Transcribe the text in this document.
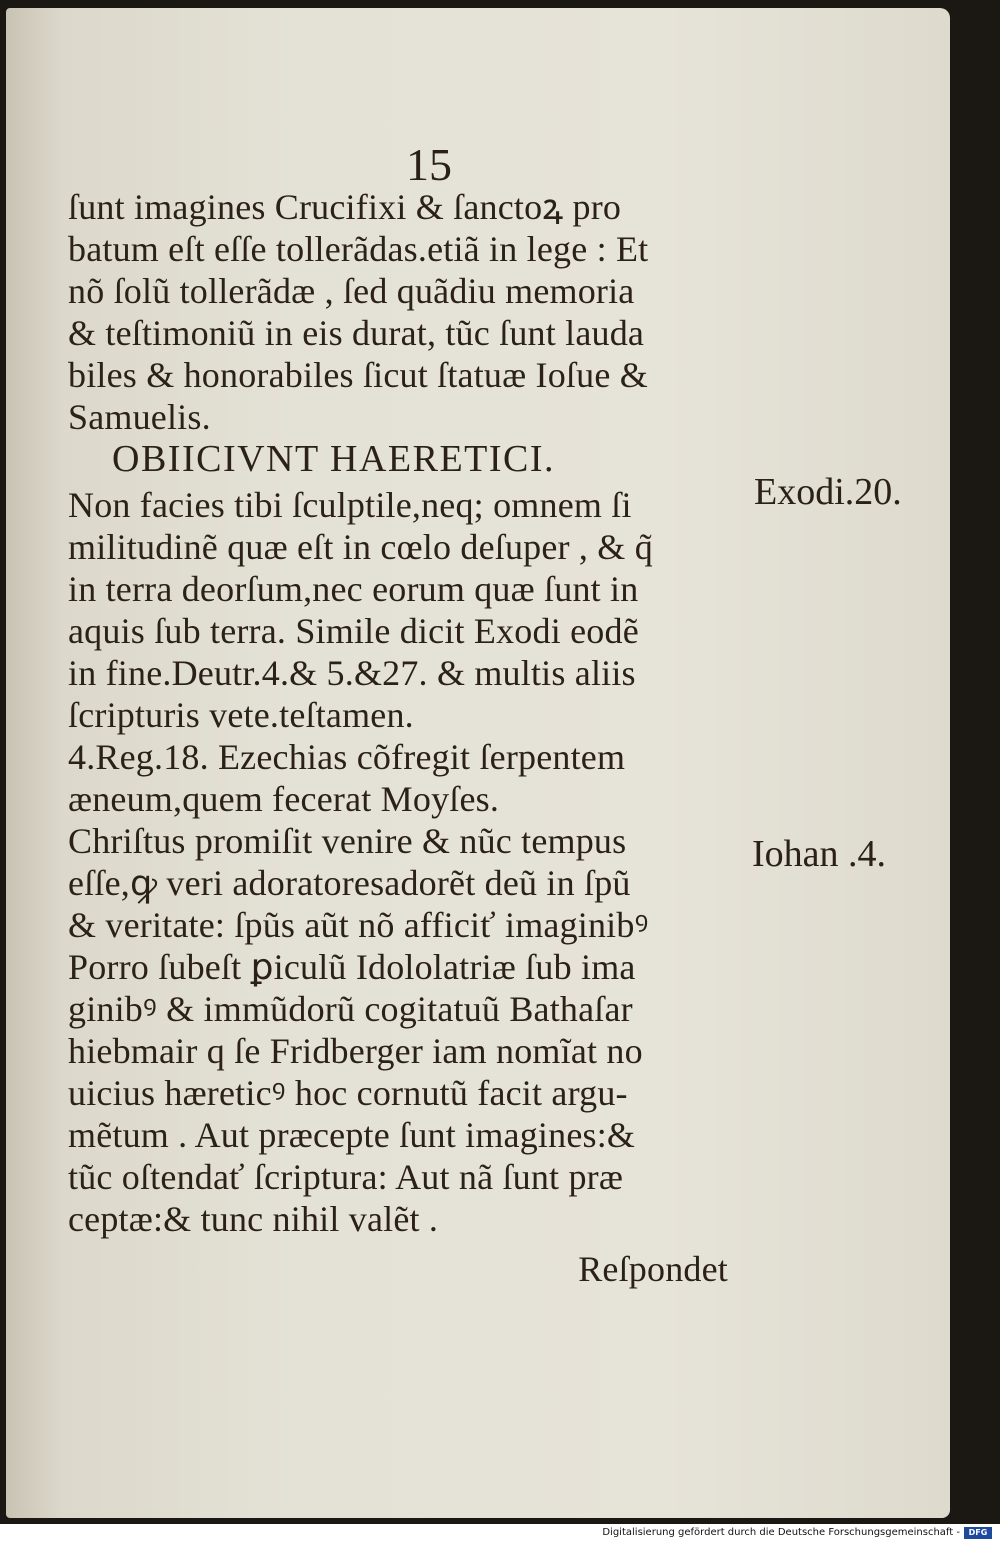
15
ſunt imagines Crucifixi & ſanctoꝝ pro
batum eſt eſſe tollerãdas.etiã in lege : Et
nõ ſolũ tollerãdæ , ſed quãdiu memoria
& teſtimoniũ in eis durat, tũc ſunt lauda
biles & honorabiles ſicut ſtatuæ Ioſue &
Samuelis.
OBIICIVNT HAERETICI.
Non facies tibi ſculptile,neq; omnem ſi
militudinẽ quæ eſt in cœlo deſuper , & q̃
in terra deorſum,nec eorum quæ ſunt in
aquis ſub terra. Simile dicit Exodi eodẽ
in fine.Deutr.4.& 5.&27. & multis aliis
ſcripturis vete.teſtamen.
4.Reg.18. Ezechias cõfregit ſerpentem
æneum,quem fecerat Moyſes.
Chriſtus promiſit venire & nũc tempus
eſſe,ꝙ veri adoratoresadorẽt deũ in ſpũ
& veritate: ſpũs aũt nõ afficiť imaginibꝰ
Porro ſubeſt ꝑiculũ Idololatriæ ſub ima
ginibꝰ & immũdorũ cogitatuũ Bathaſar
hiebmair q ſe Fridberger iam nomĩat no
uicius hæreticꝰ hoc cornutũ facit argu-
mẽtum . Aut præcepte ſunt imagines:&
tũc oſtendať ſcriptura: Aut nã ſunt præ
ceptæ:& tunc nihil valẽt .
Reſpondet
Exodi.20.
Iohan .4.
Digitalisierung gefördert durch die Deutsche Forschungsgemeinschaft -	DFG
